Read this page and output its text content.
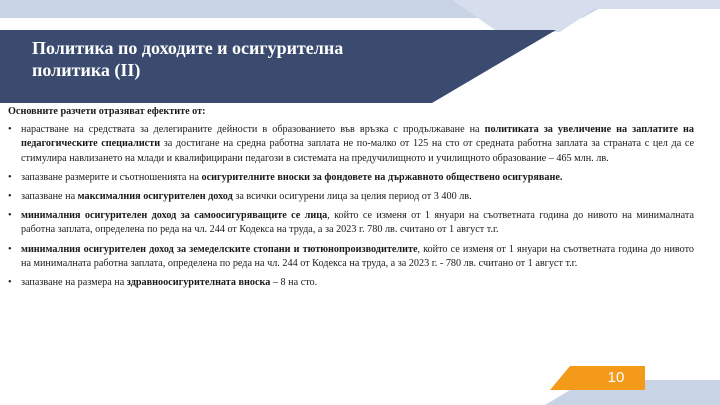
Политика по доходите и осигурителна политика (II)

Основните разчети отразяват ефектите от:

• нарастване на средствата за делегираните дейности в образованието във връзка с продължаване на политиката за увеличение на заплатите на педагогическите специалисти за достигане на средна работна заплата не по-малко от 125 на сто от средната работна заплата за страната с цел да се стимулира навлизането на млади и квалифицирани педагози в системата на предучилищното и училищното образование – 465 млн. лв.
• запазване размерите и съотношенията на осигурителните вноски за фондовете на държавното обществено осигуряване.
• запазване на максималния осигурителен доход за всички осигурени лица за целия период от 3 400 лв.
• минималния осигурителен доход за самоосигуряващите се лица, който се изменя от 1 януари на съответната година до нивото на минималната работна заплата, определена по реда на чл. 244 от Кодекса на труда, а за 2023 г. 780 лв. считано от 1 август т.г.
• минималния осигурителен доход за земеделските стопани и тютюнопроизводителите, който се изменя от 1 януари на съответната година до нивото на минималната работна заплата, определена по реда на чл. 244 от Кодекса на труда, а за 2023 г. - 780 лв. считано от 1 август т.г.
• запазване на размера на здравноосигурителната вноска – 8 на сто.
10
